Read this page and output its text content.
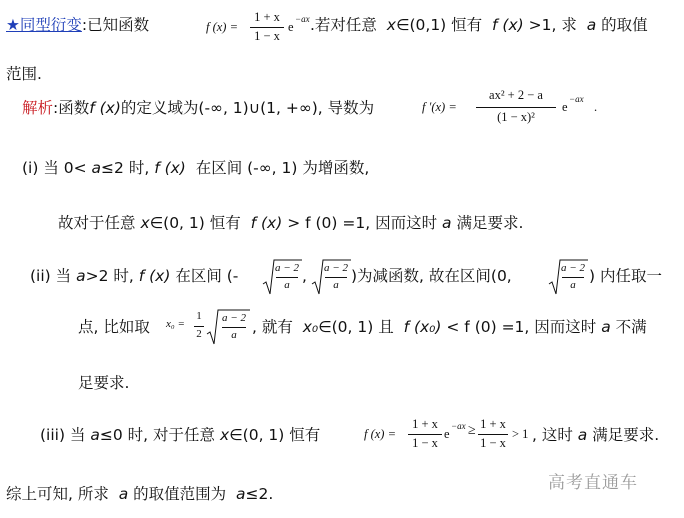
★同型衍变:已知函数	f (x) =
1 + x
1 − x
e
−ax .若对任意 x∈(0,1) 恒有 f (x) >1, 求 a 的取值
范围.
解析:函数f (x)的定义域为(-∞, 1)∪(1, +∞), 导数为	f ′(x) =
ax² + 2 − a
(1 − x)²
e
−ax
.
(i) 当 0< a≤2 时, f (x) 在区间 (-∞, 1) 为增函数,
故对于任意 x∈(0, 1) 恒有 f (x) > f (0) =1, 因而这时 a 满足要求.
(ii) 当 a>2 时, f (x) 在区间 (-	a − 2
a , a − 2
a )为减函数, 故在区间(0,	a − 2
a ) 内任取一
点, 比如取 x₀ =
1
2
a − 2
a , 就有 x₀∈(0, 1) 且 f (x₀) < f (0) =1, 因而这时 a 不满
足要求.
(iii) 当 a≤0 时, 对于任意 x∈(0, 1) 恒有	f (x) =
1 + x
1 − x
e
−ax ≥ 1 + x
1 − x
> 1 , 这时 a 满足要求.
高考直通车
综上可知, 所求 a 的取值范围为 a≤2.
